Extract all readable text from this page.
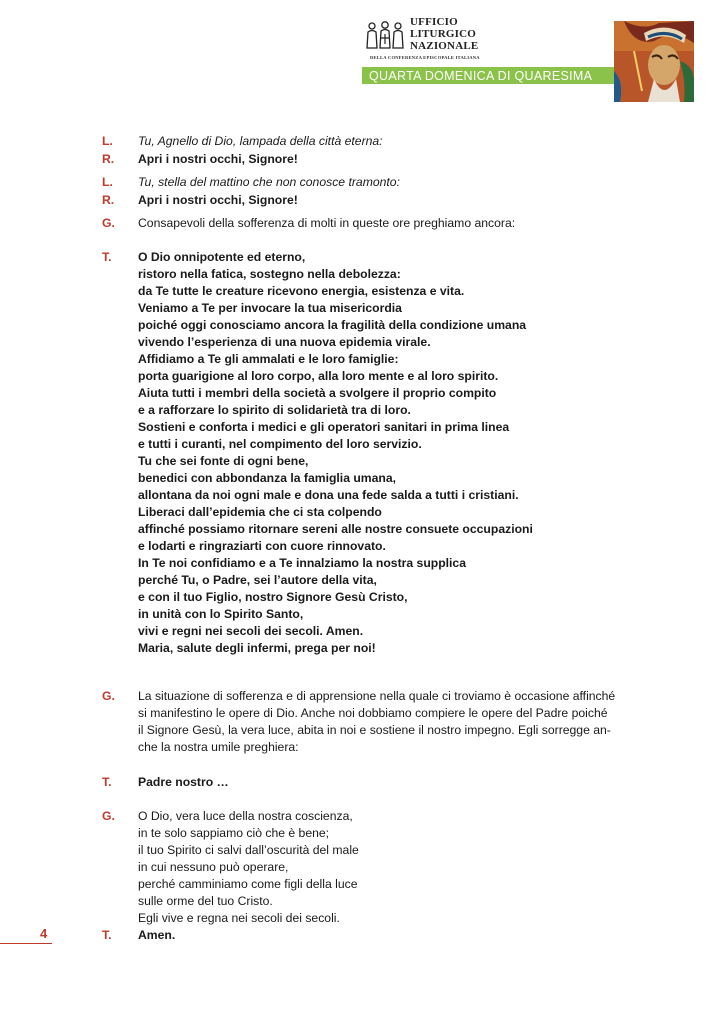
UFFICIO
LITURGICO
NAZIONALE
DELLA CONFERENZA EPISCOPALE ITALIANA
QUARTA DOMENICA DI QUARESIMA
L.	Tu, Agnello di Dio, lampada della città eterna:
R.	Apri i nostri occhi, Signore!
L.	Tu, stella del mattino che non conosce tramonto:
R.	Apri i nostri occhi, Signore!
G.	Consapevoli della sofferenza di molti in queste ore preghiamo ancora:
T.	O Dio onnipotente ed eterno,
ristoro nella fatica, sostegno nella debolezza:
da Te tutte le creature ricevono energia, esistenza e vita.
Veniamo a Te per invocare la tua misericordia
poiché oggi conosciamo ancora la fragilità della condizione umana
vivendo l’esperienza di una nuova epidemia virale.
Affidiamo a Te gli ammalati e le loro famiglie:
porta guarigione al loro corpo, alla loro mente e al loro spirito.
Aiuta tutti i membri della società a svolgere il proprio compito
e a rafforzare lo spirito di solidarietà tra di loro.
Sostieni e conforta i medici e gli operatori sanitari in prima linea
e tutti i curanti, nel compimento del loro servizio.
Tu che sei fonte di ogni bene,
benedici con abbondanza la famiglia umana,
allontana da noi ogni male e dona una fede salda a tutti i cristiani.
Liberaci dall’epidemia che ci sta colpendo
affinché possiamo ritornare sereni alle nostre consuete occupazioni
e lodarti e ringraziarti con cuore rinnovato.
In Te noi confidiamo e a Te innalziamo la nostra supplica
perché Tu, o Padre, sei l’autore della vita,
e con il tuo Figlio, nostro Signore Gesù Cristo,
in unità con lo Spirito Santo,
vivi e regni nei secoli dei secoli. Amen.
Maria, salute degli infermi, prega per noi!
G.	La situazione di sofferenza e di apprensione nella quale ci troviamo è occasione affinché
si manifestino le opere di Dio. Anche noi dobbiamo compiere le opere del Padre poiché
il Signore Gesù, la vera luce, abita in noi e sostiene il nostro impegno. Egli sorregge an-
che la nostra umile preghiera:
T.	Padre nostro …
G.	O Dio, vera luce della nostra coscienza,
in te solo sappiamo ciò che è bene;
il tuo Spirito ci salvi dall’oscurità del male
in cui nessuno può operare,
perché camminiamo come figli della luce
sulle orme del tuo Cristo.
Egli vive e regna nei secoli dei secoli.
T.	Amen.
4
